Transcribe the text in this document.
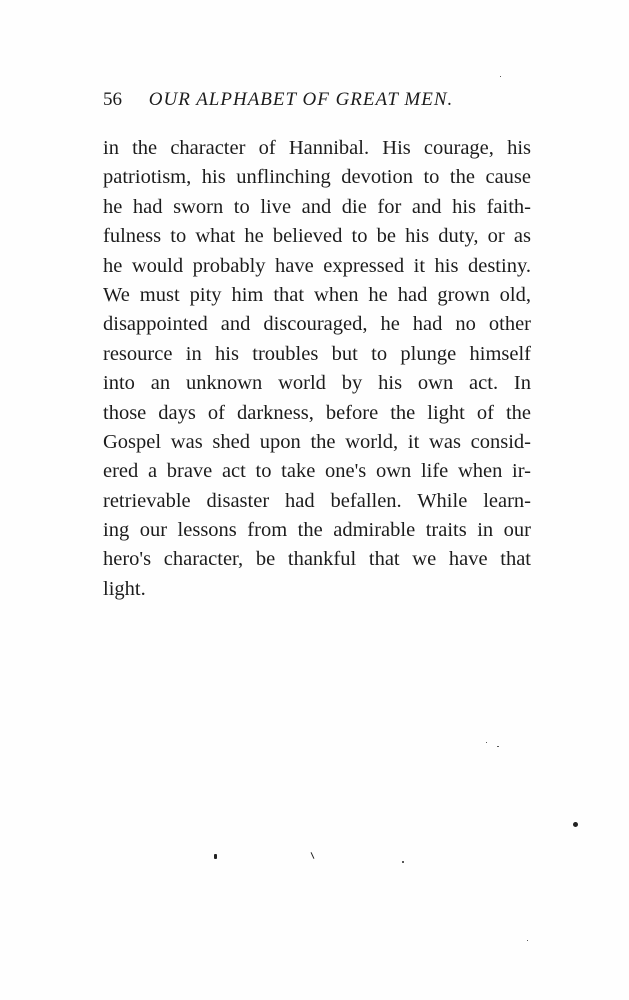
56 OUR ALPHABET OF GREAT MEN.
in the character of Hannibal. His courage, his
patriotism, his unflinching devotion to the cause
he had sworn to live and die for and his faith-
fulness to what he believed to be his duty, or as
he would probably have expressed it his destiny.
We must pity him that when he had grown old,
disappointed and discouraged, he had no other
resource in his troubles but to plunge himself
into an unknown world by his own act. In
those days of darkness, before the light of the
Gospel was shed upon the world, it was consid-
ered a brave act to take one's own life when ir-
retrievable disaster had befallen. While learn-
ing our lessons from the admirable traits in our
hero's character, be thankful that we have that
light.
